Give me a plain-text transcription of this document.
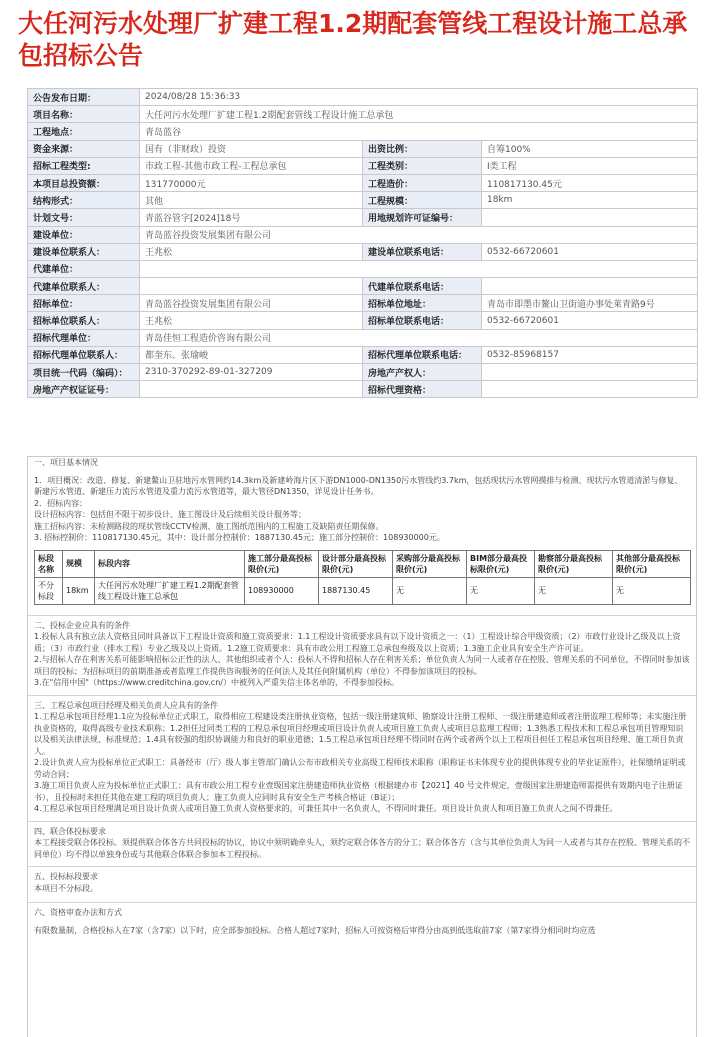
大任河污水处理厂扩建工程1.2期配套管线工程设计施工总承包招标公告
公告发布日期：	2024/08/28 15:36:33		
项目名称：	大任河污水处理厂扩建工程1.2期配套管线工程设计施工总承包		
工程地点：	青岛蓝谷		
资金来源：	国有（非财政）投资	出资比例：	自筹100%
招标工程类型:	市政工程-其他市政工程-工程总承包	工程类别：	Ⅰ类工程
本项目总投资额：	131770000元	工程造价：	110817130.45元
结构形式：	其他	工程规模：	18km
计划文号：	青蓝谷管字[2024]18号	用地规划许可证编号：	
建设单位：	青岛蓝谷投资发展集团有限公司		
建设单位联系人：	王兆松	建设单位联系电话：	0532-66720601
代建单位：			
代建单位联系人：		代建单位联系电话：	
招标单位：	青岛蓝谷投资发展集团有限公司	招标单位地址：	青岛市即墨市鳌山卫街道办事处莱青路9号
招标单位联系人：	王兆松	招标单位联系电话：	0532-66720601
招标代理单位：	青岛佳恒工程造价咨询有限公司		
招标代理单位联系人：	都奎东、张瑜峻	招标代理单位联系电话：	0532-85968157
项目统一代码（编码）：	2310-370292-89-01-327209	房地产产权人：	
房地产产权证证号：		招标代理资格：	

一、项目基本情况

1．项目概况：改造、修复、新建鳌山卫驻地污水管网约14.3km及新建岭海片区下游DN1000-DN1350污水管线约3.7km，包括现状污水管网摸排与检测、现状污水管道清淤与修复、新建污水管道、新建压力流污水管道及重力流污水管道等，最大管径DN1350，详见设计任务书。

2．招标内容：

设计招标内容：包括但不限于初步设计、施工图设计及后续相关设计服务等；

施工招标内容：未检测路段的现状管线CCTV检测、施工图纸范围内的工程施工及缺陷责任期保修。

3. 招标控制价：110817130.45元，其中：设计部分控制价：1887130.45元；施工部分控制价：108930000元。

标段名称	规模	标段内容	施工部分最高投标限价(元)	设计部分最高投标限价(元)	采购部分最高投标限价(元)	BIM部分最高投标限价(元)	勘察部分最高投标限价(元)	其他部分最高投标限价(元)
不分标段	18km	大任河污水处理厂扩建工程1.2期配套管线工程设计施工总承包	108930000	1887130.45	无	无	无	无

二、投标企业应具有的条件

1.投标人具有独立法人资格且同时具备以下工程设计资质和施工资质要求：1.1工程设计资质要求具有以下设计资质之一：（1）工程设计综合甲级资质；（2）市政行业设计乙级及以上资质；（3）市政行业（排水工程）专业乙级及以上资质。1.2施工资质要求：具有市政公用工程施工总承包叁级及以上资质；1.3施工企业具有安全生产许可证。

2.与招标人存在利害关系可能影响招标公正性的法人、其他组织或者个人：投标人不得和招标人存在利害关系；单位负责人为同一人或者存在控股、管理关系的不同单位，不得同时参加该项目的投标；为招标项目的前期准备或者监理工作提供咨询服务的任何法人及其任何附属机构（单位）不得参加该项目的投标。

3.在"信用中国"（https://www.creditchina.gov.cn/）中被列入严重失信主体名单的，不得参加投标。

三、工程总承包项目经理及相关负责人应具有的条件

1.工程总承包项目经理1.1应为投标单位正式职工，取得相应工程建设类注册执业资格，包括一级注册建筑师、勘察设计注册工程师、一级注册建造师或者注册监理工程师等；未实施注册执业资格的，取得高级专业技术职称；1.2担任过同类工程的工程总承包项目经理或项目设计负责人或项目施工负责人或项目总监理工程师；1.3熟悉工程技术和工程总承包项目管理知识以及相关法律法规、标准规范；1.4具有较强的组织协调能力和良好的职业道德；1.5工程总承包项目经理不得同时在两个或者两个以上工程项目担任工程总承包项目经理、施工项目负责人。

2.设计负责人应为投标单位正式职工：具备经市（厅）级人事主管部门确认公布市政相关专业高级工程师技术职称（职称证书未体现专业的提供体现专业的毕业证原件），社保缴纳证明或劳动合同；

3.施工项目负责人应为投标单位正式职工：具有市政公用工程专业壹级国家注册建造师执业资格（根据建办市【2021】40 号文件规定，壹级国家注册建造师需提供有效期内电子注册证书），且投标时未担任其他在建工程的项目负责人；施工负责人应同时具有安全生产考核合格证（B证）；

4.工程总承包项目经理满足项目设计负责人或项目施工负责人资格要求的，可兼任其中一名负责人，不得同时兼任。项目设计负责人和项目施工负责人之间不得兼任。

四、联合体投标要求

本工程接受联合体投标。须提供联合体各方共同投标的协议，协议中须明确牵头人，须约定联合体各方的分工；联合体各方（含与其单位负责人为同一人或者与其存在控股、管理关系的不同单位）均不得以单独身份或与其他联合体联合参加本工程投标。

五、投标标段要求

本项目不分标段。

六、资格审查办法和方式

有限数量制，合格投标人在7家（含7家）以下时，应全部参加投标。合格人超过7家时，招标人可按资格后审得分由高到低选取前7家（第7家得分相同时均应选
